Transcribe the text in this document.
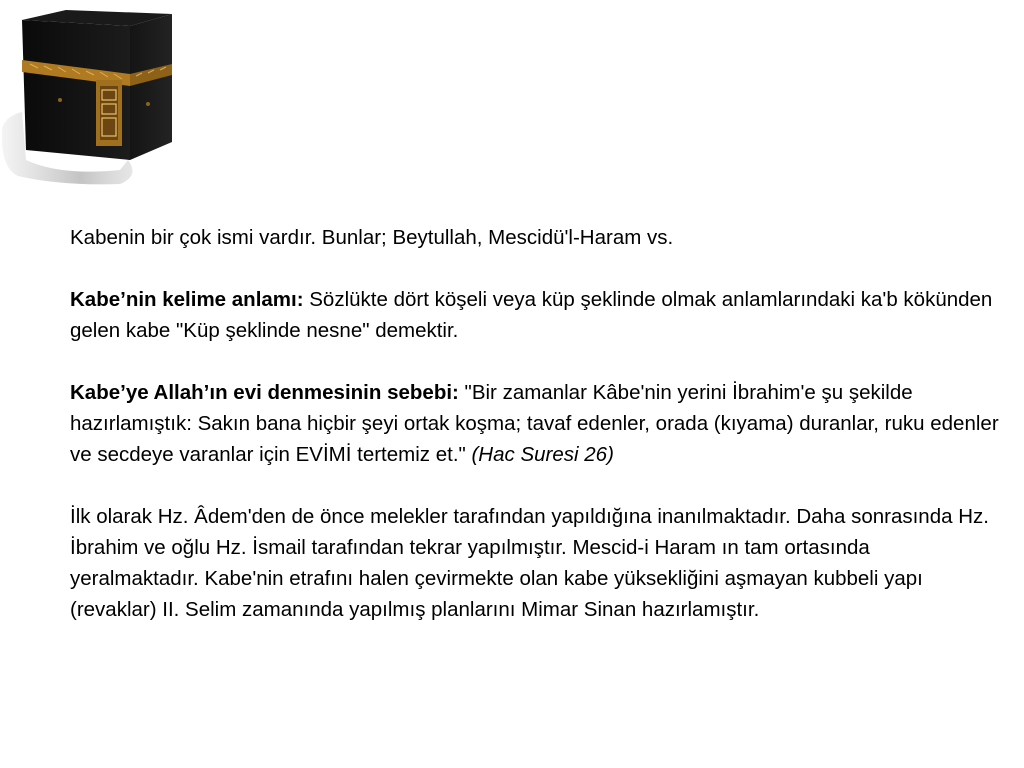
Kabenin bir çok ismi vardır. Bunlar; Beytullah, Mescidü'l-Haram vs.

Kabe’nin kelime anlamı: Sözlükte dört köşeli veya küp şeklinde olmak anlamlarındaki ka'b kökünden gelen kabe "Küp şeklinde nesne" demektir.

Kabe’ye Allah’ın evi denmesinin sebebi: "Bir zamanlar Kâbe'nin yerini İbrahim'e şu şekilde hazırlamıştık: Sakın bana hiçbir şeyi ortak koşma; tavaf edenler, orada (kıyama) duranlar, ruku edenler ve secdeye varanlar için EVİMİ tertemiz et." (Hac Suresi 26)

İlk olarak Hz. Âdem'den de önce melekler tarafından yapıldığına inanılmaktadır. Daha sonrasında Hz. İbrahim ve oğlu Hz. İsmail tarafından tekrar yapılmıştır. Mescid-i Haram ın tam ortasında yeralmaktadır. Kabe'nin etrafını halen çevirmekte olan kabe yüksekliğini aşmayan kubbeli yapı (revaklar) II. Selim zamanında yapılmış planlarını Mimar Sinan hazırlamıştır.
